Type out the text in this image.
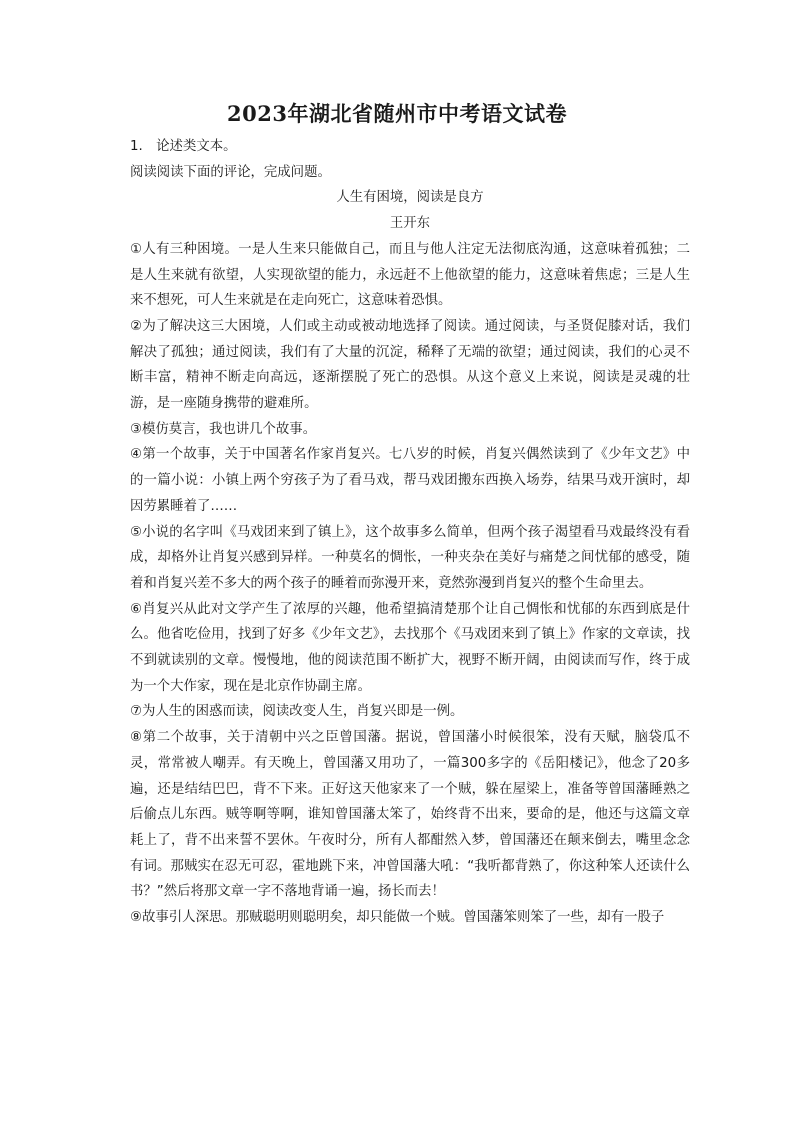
2023年湖北省随州市中考语文试卷

1.　论述类文本。

阅读阅读下面的评论，完成问题。

人生有困境，阅读是良方

王开东

①人有三种困境。一是人生来只能做自己，而且与他人注定无法彻底沟通，这意味着孤独；二是人生来就有欲望，人实现欲望的能力，永远赶不上他欲望的能力，这意味着焦虑；三是人生来不想死，可人生来就是在走向死亡，这意味着恐惧。

②为了解决这三大困境，人们或主动或被动地选择了阅读。通过阅读，与圣贤促膝对话，我们解决了孤独；通过阅读，我们有了大量的沉淀，稀释了无端的欲望；通过阅读，我们的心灵不断丰富，精神不断走向高远，逐渐摆脱了死亡的恐惧。从这个意义上来说，阅读是灵魂的壮游，是一座随身携带的避难所。

③模仿莫言，我也讲几个故事。

④第一个故事，关于中国著名作家肖复兴。七八岁的时候，肖复兴偶然读到了《少年文艺》中的一篇小说：小镇上两个穷孩子为了看马戏，帮马戏团搬东西换入场券，结果马戏开演时，却因劳累睡着了……

⑤小说的名字叫《马戏团来到了镇上》，这个故事多么简单，但两个孩子渴望看马戏最终没有看成，却格外让肖复兴感到异样。一种莫名的惆怅，一种夹杂在美好与痛楚之间忧郁的感受，随着和肖复兴差不多大的两个孩子的睡着而弥漫开来，竟然弥漫到肖复兴的整个生命里去。

⑥肖复兴从此对文学产生了浓厚的兴趣，他希望搞清楚那个让自己惆怅和忧郁的东西到底是什么。他省吃俭用，找到了好多《少年文艺》，去找那个《马戏团来到了镇上》作家的文章读，找不到就读别的文章。慢慢地，他的阅读范围不断扩大，视野不断开阔，由阅读而写作，终于成为一个大作家，现在是北京作协副主席。

⑦为人生的困惑而读，阅读改变人生，肖复兴即是一例。

⑧第二个故事，关于清朝中兴之臣曾国藩。据说，曾国藩小时候很笨，没有天赋，脑袋瓜不灵，常常被人嘲弄。有天晚上，曾国藩又用功了，一篇300多字的《岳阳楼记》，他念了20多遍，还是结结巴巴，背不下来。正好这天他家来了一个贼，躲在屋梁上，准备等曾国藩睡熟之后偷点儿东西。贼等啊等啊，谁知曾国藩太笨了，始终背不出来，要命的是，他还与这篇文章耗上了，背不出来誓不罢休。午夜时分，所有人都酣然入梦，曾国藩还在颠来倒去，嘴里念念有词。那贼实在忍无可忍，霍地跳下来，冲曾国藩大吼：“我听都背熟了，你这种笨人还读什么书？”然后将那文章一字不落地背诵一遍，扬长而去！

⑨故事引人深思。那贼聪明则聪明矣，却只能做一个贼。曾国藩笨则笨了一些，却有一股子
